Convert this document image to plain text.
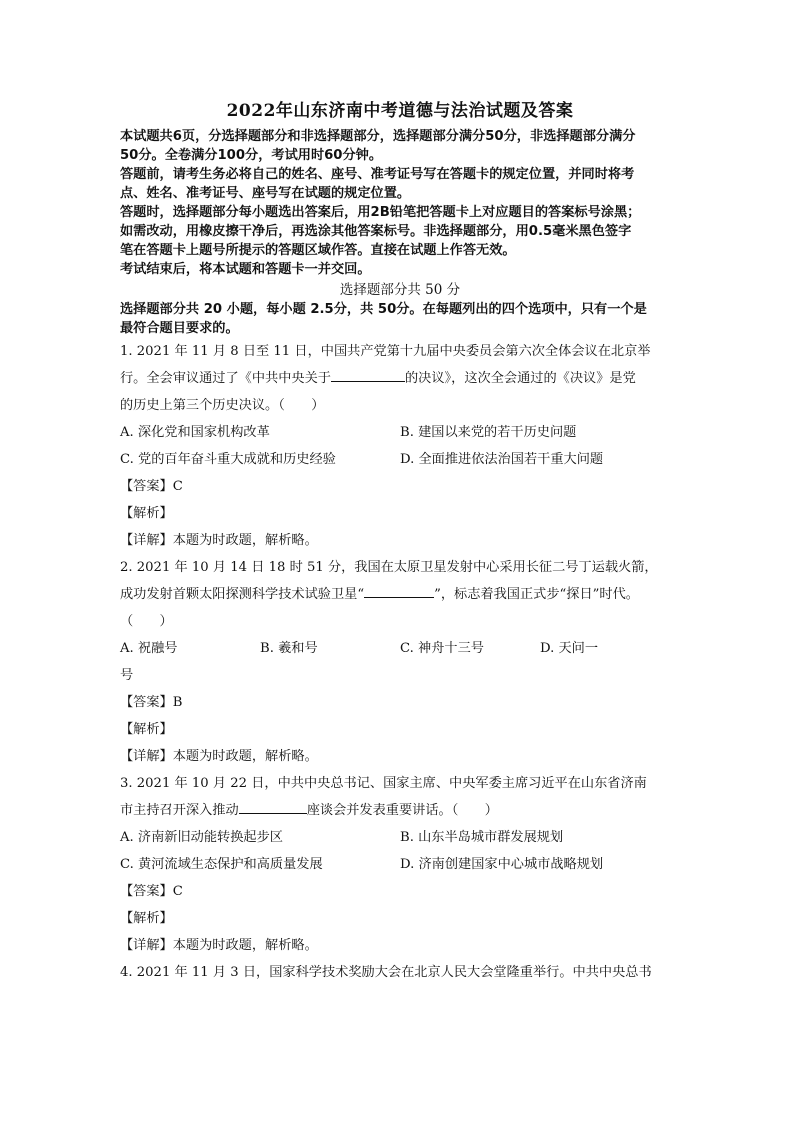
2022年山东济南中考道德与法治试题及答案

本试题共6页，分选择题部分和非选择题部分，选择题部分满分50分，非选择题部分满分

50分。全卷满分100分，考试用时60分钟。

答题前，请考生务必将自己的姓名、座号、准考证号写在答题卡的规定位置，并同时将考

点、姓名、准考证号、座号写在试题的规定位置。

答题时，选择题部分每小题选出答案后，用2B铅笔把答题卡上对应题目的答案标号涂黑；

如需改动，用橡皮擦干净后，再选涂其他答案标号。非选择题部分，用0.5毫米黑色签字

笔在答题卡上题号所提示的答题区域作答。直接在试题上作答无效。

考试结束后，将本试题和答题卡一并交回。

选择题部分共 50 分

选择题部分共 20 小题，每小题 2.5分，共 50分。在每题列出的四个选项中，只有一个是

最符合题目要求的。

1. 2021 年 11 月 8 日至 11 日，中国共产党第十九届中央委员会第六次全体会议在北京举

行。全会审议通过了《中共中央关于	的决议》，这次全会通过的《决议》是党

的历史上第三个历史决议。（　　）

A. 深化党和国家机构改革	B. 建国以来党的若干历史问题
C. 党的百年奋斗重大成就和历史经验	D. 全面推进依法治国若干重大问题

【答案】C

【解析】

【详解】本题为时政题，解析略。

2. 2021 年 10 月 14 日 18 时 51 分，我国在太原卫星发射中心采用长征二号丁运载火箭，

成功发射首颗太阳探测科学技术试验卫星“	”，标志着我国正式步“探日”时代。

（　　）

A. 祝融号	B. 羲和号	C. 神舟十三号	D. 天问一

号

【答案】B

【解析】

【详解】本题为时政题，解析略。

3. 2021 年 10 月 22 日，中共中央总书记、国家主席、中央军委主席习近平在山东省济南

市主持召开深入推动	座谈会并发表重要讲话。（　　）

A. 济南新旧动能转换起步区	B. 山东半岛城市群发展规划
C. 黄河流域生态保护和高质量发展	D. 济南创建国家中心城市战略规划

【答案】C

【解析】

【详解】本题为时政题，解析略。

4. 2021 年 11 月 3 日，国家科学技术奖励大会在北京人民大会堂隆重举行。中共中央总书
